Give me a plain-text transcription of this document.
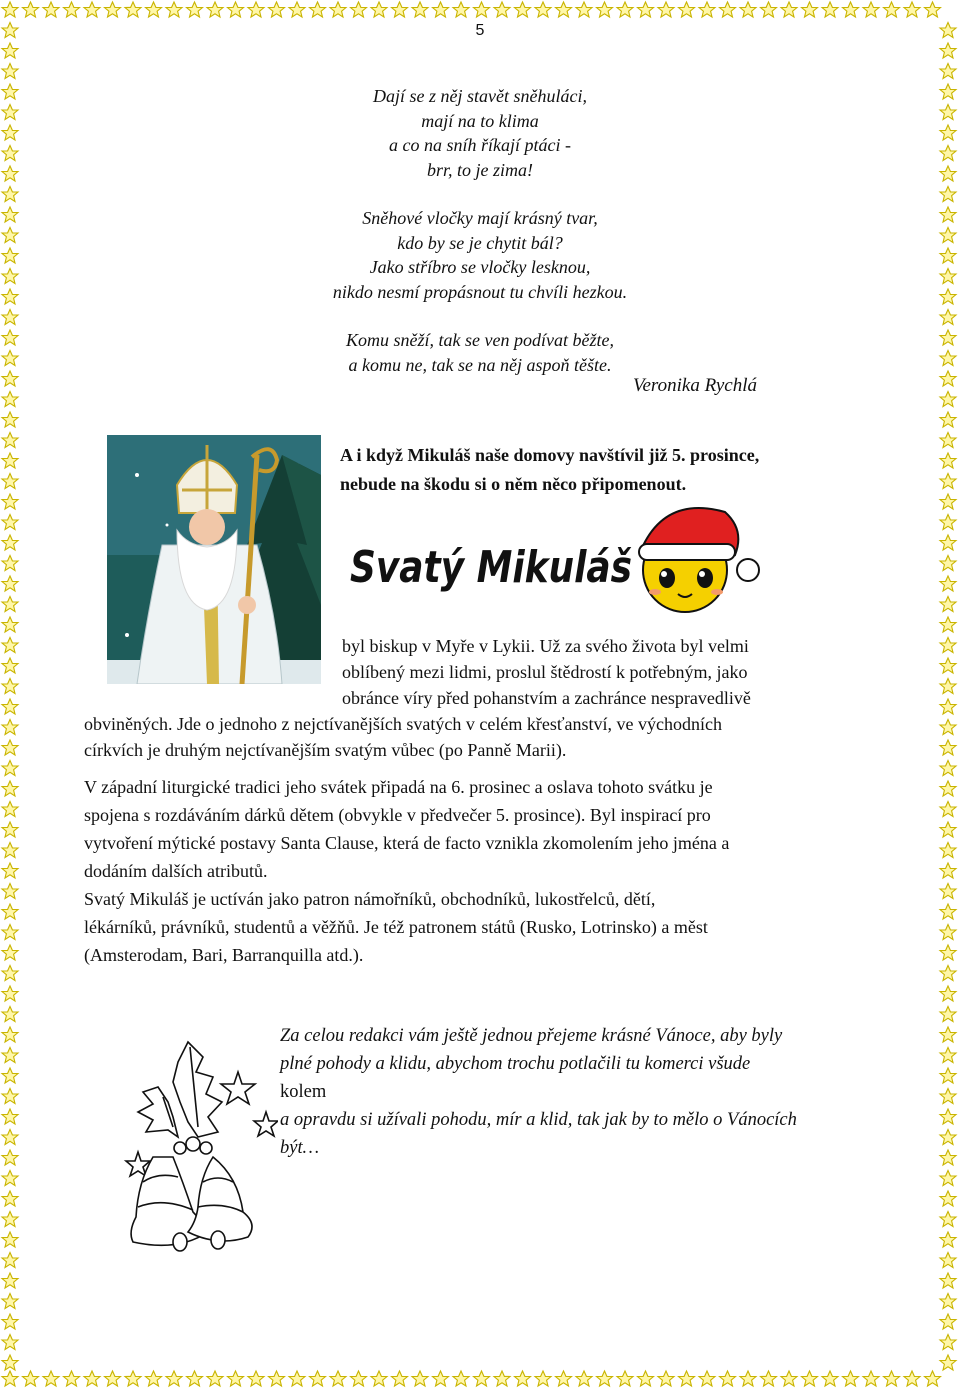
5
Dají se z něj stavět sněhuláci,
mají na to klima
a co na sníh říkají ptáci -
brr, to je zima!
Sněhové vločky mají krásný tvar,
kdo by se je chytit bál?
Jako stříbro se vločky lesknou,
nikdo nesmí propásnout tu chvíli hezkou.
Komu sněží, tak se ven podívat běžte,
a komu ne, tak se na něj aspoň těšte.
Veronika Rychlá
A i když Mikuláš naše domovy navštívil již 5. prosince,
nebude na škodu si o něm něco připomenout.
Svatý Mikuláš

byl biskup v Myře v Lykii. Už za svého života byl velmi
oblíbený mezi lidmi, proslul štědrostí k potřebným, jako
obránce víry před pohanstvím a zachránce nespravedlivě
obviněných. Jde o jednoho z nejctívanějších svatých v celém křesťanství, ve východních
církvích je druhým nejctívanějším svatým vůbec (po Panně Marii).

V západní liturgické tradici jeho svátek připadá na 6. prosinec a oslava tohoto svátku je
spojena s rozdáváním dárků dětem (obvykle v předvečer 5. prosince). Byl inspirací pro
vytvoření mýtické postavy Santa Clause, která de facto vznikla zkomolením jeho jména a
dodáním dalších atributů.

Svatý Mikuláš je uctíván jako patron námořníků, obchodníků, lukostřelců, dětí,
lékárníků, právníků, studentů a věžňů. Je též patronem států (Rusko, Lotrinsko) a měst
(Amsterodam, Bari, Barranquilla atd.).

Za celou redakci vám ještě jednou přejeme krásné Vánoce, aby byly
plné pohody a klidu, abychom trochu potlačili tu komerci všude
kolem
a opravdu si užívali pohodu, mír a klid, tak jak by to mělo o Vánocích
být…
